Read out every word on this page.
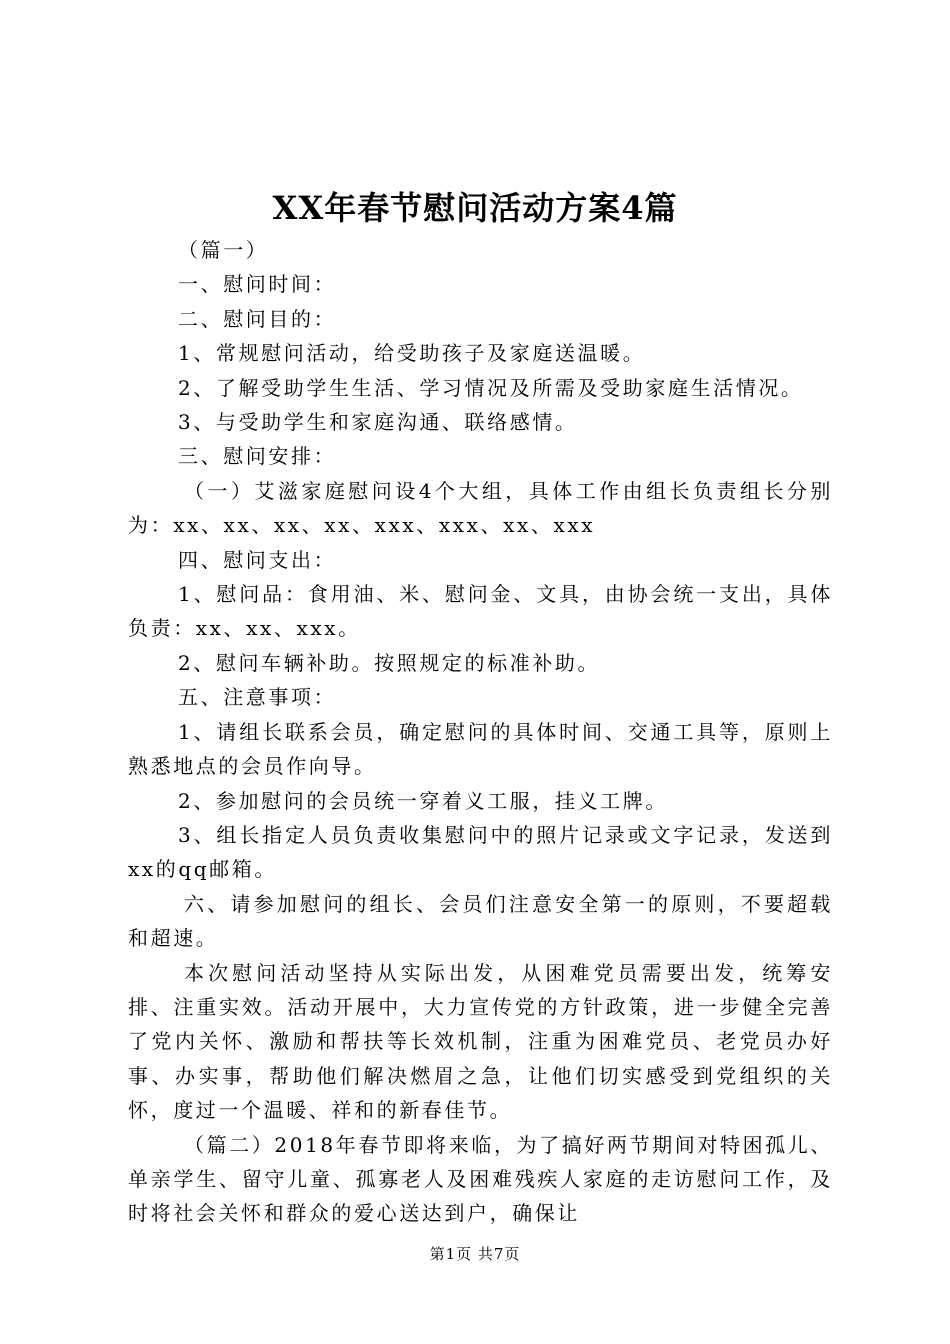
XX年春节慰问活动方案4篇

（篇一）

一、慰问时间：

二、慰问目的：

1、常规慰问活动，给受助孩子及家庭送温暖。

2、了解受助学生生活、学习情况及所需及受助家庭生活情况。

3、与受助学生和家庭沟通、联络感情。

三、慰问安排：

（一）艾滋家庭慰问设4个大组，具体工作由组长负责组长分别为：xx、xx、xx、xx、xxx、xxx、xx、xxx

四、慰问支出：

1、慰问品：食用油、米、慰问金、文具，由协会统一支出，具体负责：xx、xx、xxx。

2、慰问车辆补助。按照规定的标准补助。

五、注意事项：

1、请组长联系会员，确定慰问的具体时间、交通工具等，原则上熟悉地点的会员作向导。

2、参加慰问的会员统一穿着义工服，挂义工牌。

3、组长指定人员负责收集慰问中的照片记录或文字记录，发送到xx的qq邮箱。

六、请参加慰问的组长、会员们注意安全第一的原则，不要超载和超速。

本次慰问活动坚持从实际出发，从困难党员需要出发，统筹安排、注重实效。活动开展中，大力宣传党的方针政策，进一步健全完善了党内关怀、激励和帮扶等长效机制，注重为困难党员、老党员办好事、办实事，帮助他们解决燃眉之急，让他们切实感受到党组织的关怀，度过一个温暖、祥和的新春佳节。

（篇二）2018年春节即将来临，为了搞好两节期间对特困孤儿、单亲学生、留守儿童、孤寡老人及困难残疾人家庭的走访慰问工作，及时将社会关怀和群众的爱心送达到户，确保让

第1页 共7页
